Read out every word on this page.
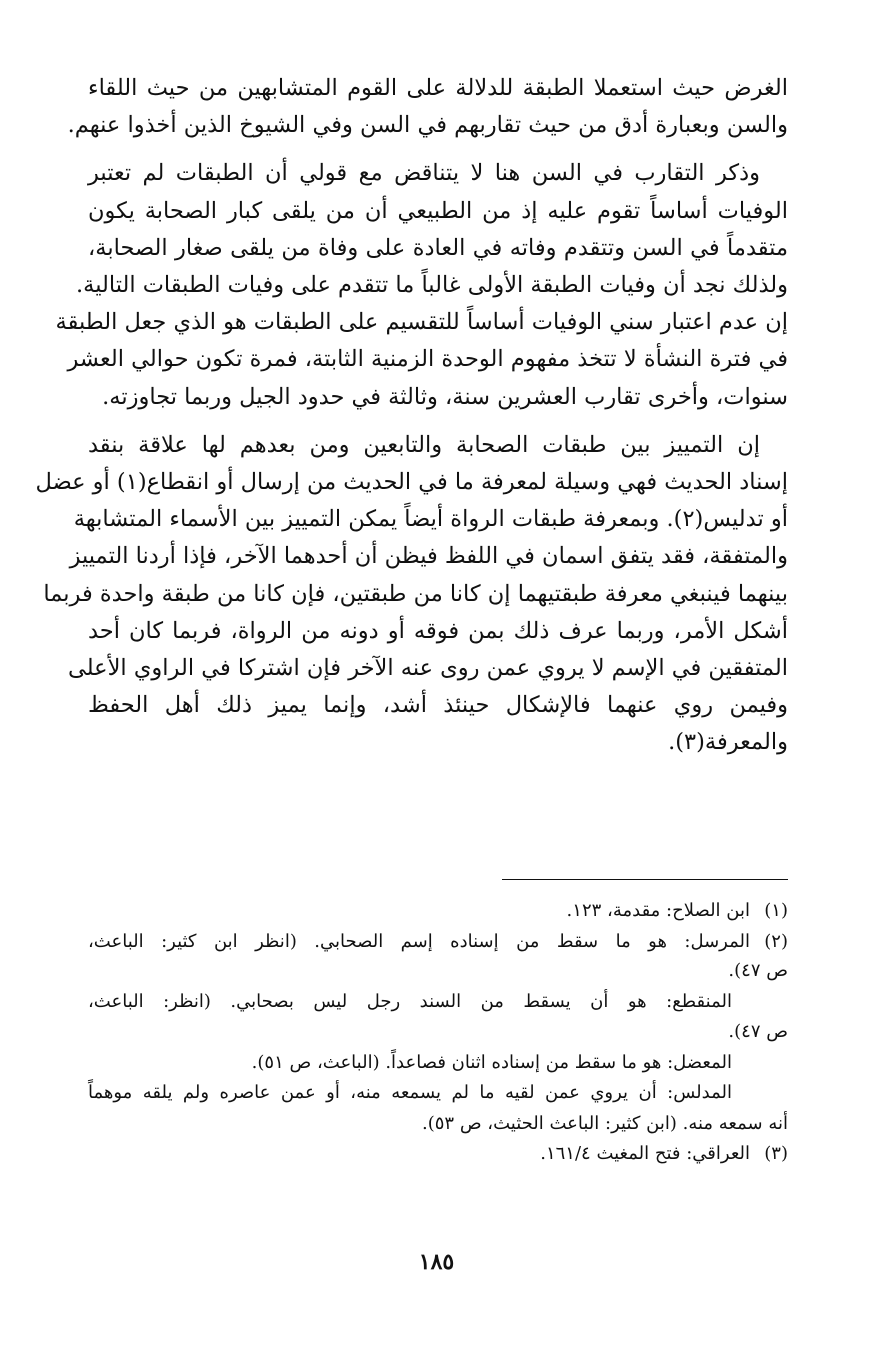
الغرض حيث استعملا الطبقة للدلالة على القوم المتشابهين من حيث اللقاء
والسن وبعبارة أدق من حيث تقاربهم في السن وفي الشيوخ الذين أخذوا عنهم.

وذكر التقارب في السن هنا لا يتناقض مع قولي أن الطبقات لم تعتبر
الوفيات أساساً تقوم عليه إذ من الطبيعي أن من يلقى كبار الصحابة يكون
متقدماً في السن وتتقدم وفاته في العادة على وفاة من يلقى صغار الصحابة،
ولذلك نجد أن وفيات الطبقة الأولى غالباً ما تتقدم على وفيات الطبقات التالية.
إن عدم اعتبار سني الوفيات أساساً للتقسيم على الطبقات هو الذي جعل الطبقة
في فترة النشأة لا تتخذ مفهوم الوحدة الزمنية الثابتة، فمرة تكون حوالي العشر
سنوات، وأخرى تقارب العشرين سنة، وثالثة في حدود الجيل وربما تجاوزته.

إن التمييز بين طبقات الصحابة والتابعين ومن بعدهم لها علاقة بنقد
إسناد الحديث فهي وسيلة لمعرفة ما في الحديث من إرسال أو انقطاع(١) أو عضل
أو تدليس(٢). وبمعرفة طبقات الرواة أيضاً يمكن التمييز بين الأسماء المتشابهة
والمتفقة، فقد يتفق اسمان في اللفظ فيظن أن أحدهما الآخر، فإذا أردنا التمييز
بينهما فينبغي معرفة طبقتيهما إن كانا من طبقتين، فإن كانا من طبقة واحدة فربما
أشكل الأمر، وربما عرف ذلك بمن فوقه أو دونه من الرواة، فربما كان أحد
المتفقين في الإسم لا يروي عمن روى عنه الآخر فإن اشتركا في الراوي الأعلى
وفيمن روي عنهما فالإشكال حينئذ أشد، وإنما يميز ذلك أهل الحفظ
والمعرفة(٣).

(١)ابن الصلاح: مقدمة، ١٢٣.
(٢)المرسل: هو ما سقط من إسناده إسم الصحابي. (انظر ابن كثير: الباعث،
ص ٤٧).
المنقطع: هو أن يسقط من السند رجل ليس بصحابي. (انظر: الباعث،
ص ٤٧).
المعضل: هو ما سقط من إسناده اثنان فصاعداً. (الباعث، ص ٥١).
المدلس: أن يروي عمن لقيه ما لم يسمعه منه، أو عمن عاصره ولم يلقه موهماً
أنه سمعه منه. (ابن كثير: الباعث الحثيث، ص ٥٣).
(٣)العراقي: فتح المغيث ١٦١/٤.
١٨٥
